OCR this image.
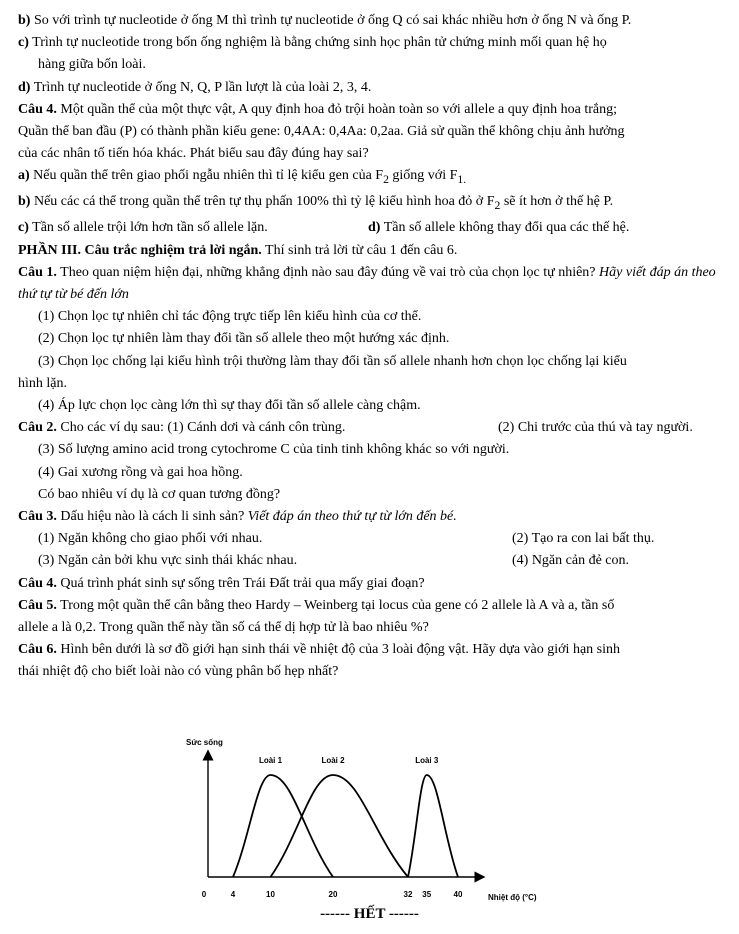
b) So với trình tự nucleotide ở ống M thì trình tự nucleotide ở ống Q có sai khác nhiều hơn ở ống N và ống P.

c) Trình tự nucleotide trong bốn ống nghiệm là bằng chứng sinh học phân tử chứng minh mối quan hệ họ

hàng giữa bốn loài.

d) Trình tự nucleotide ở ống N, Q, P lần lượt là của loài 2, 3, 4.

Câu 4. Một quần thể của một thực vật, A quy định hoa đỏ trội hoàn toàn so với allele a quy định hoa trắng;

Quần thể ban đầu (P) có thành phần kiểu gene: 0,4AA: 0,4Aa: 0,2aa. Giả sử quần thể không chịu ảnh hưởng

của các nhân tố tiến hóa khác. Phát biểu sau đây đúng hay sai?

a) Nếu quần thể trên giao phối ngẫu nhiên thì tỉ lệ kiểu gen của $F_2$ giống với $F_{1.}$

b) Nếu các cá thể trong quần thể trên tự thụ phấn 100% thì tỷ lệ kiểu hình hoa đỏ ở $F_2$ sẽ ít hơn ở thế hệ P.

c) Tần số allele trội lớn hơn tần số allele lặn.	d) Tần số allele không thay đổi qua các thế hệ.

PHẦN III. Câu trắc nghiệm trả lời ngắn. Thí sinh trả lời từ câu 1 đến câu 6.

Câu 1. Theo quan niệm hiện đại, những khẳng định nào sau đây đúng về vai trò của chọn lọc tự nhiên? Hãy viết đáp án theo thứ tự từ bé đến lớn

(1) Chọn lọc tự nhiên chỉ tác động trực tiếp lên kiểu hình của cơ thể.

(2) Chọn lọc tự nhiên làm thay đổi tần số allele theo một hướng xác định.

(3) Chọn lọc chống lại kiểu hình trội thường làm thay đổi tần số allele nhanh hơn chọn lọc chống lại kiểu

hình lặn.

(4) Áp lực chọn lọc càng lớn thì sự thay đổi tần số allele càng chậm.

Câu 2. Cho các ví dụ sau: (1) Cánh dơi và cánh côn trùng.	(2) Chi trước của thú và tay người.

(3) Số lượng amino acid trong cytochrome C của tinh tinh không khác so với người.

(4) Gai xương rồng và gai hoa hồng.

Có bao nhiêu ví dụ là cơ quan tương đồng?

Câu 3. Dấu hiệu nào là cách li sinh sản? Viết đáp án theo thứ tự từ lớn đến bé.

(1) Ngăn không cho giao phối với nhau.	(2) Tạo ra con lai bất thụ.
(3) Ngăn cản bởi khu vực sinh thái khác nhau.	(4) Ngăn cản đẻ con.

Câu 4. Quá trình phát sinh sự sống trên Trái Đất trải qua mấy giai đoạn?

Câu 5. Trong một quần thể cân bằng theo Hardy – Weinberg tại locus của gene có 2 allele là A và a, tần số

allele a là 0,2. Trong quần thể này tần số cá thể dị hợp tử là bao nhiêu %?

Câu 6. Hình bên dưới là sơ đồ giới hạn sinh thái về nhiệt độ của 3 loài động vật. Hãy dựa vào giới hạn sinh

thái nhiệt độ cho biết loài nào có vùng phân bố hẹp nhất?

Sức sống
Nhiệt độ (°C)
Loài 1	Loài 2	Loài 3
0	4	10	20	32 35	40
------ HẾT ------
